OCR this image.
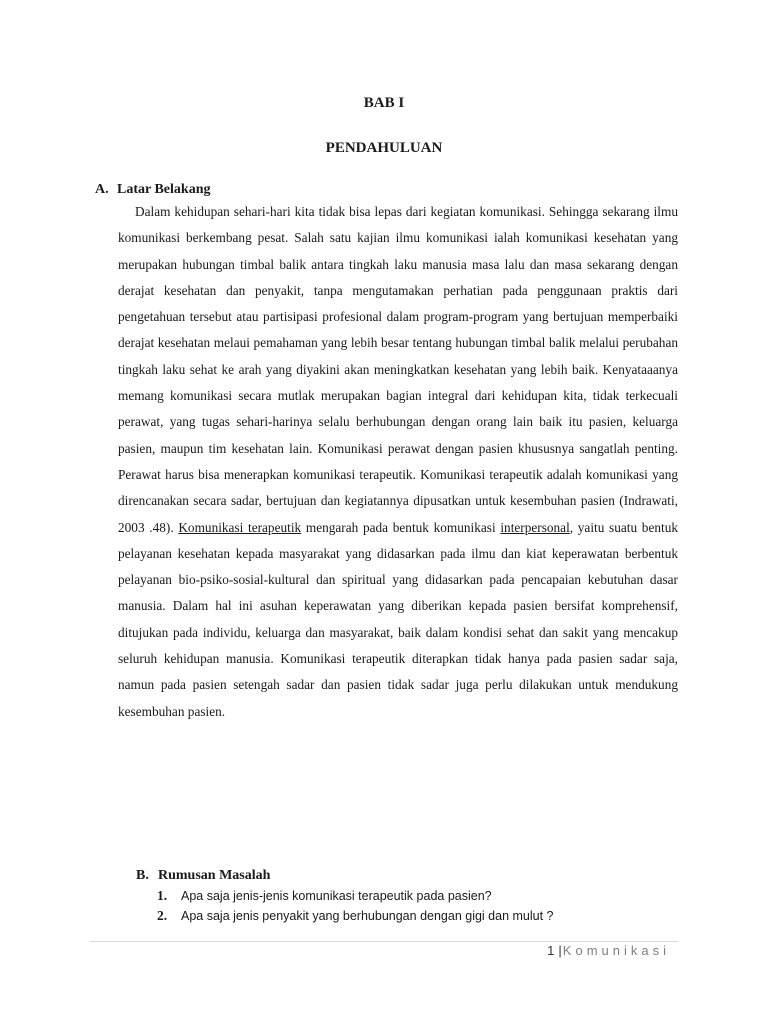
BAB I
PENDAHULUAN
A. Latar Belakang

Dalam kehidupan sehari-hari kita tidak bisa lepas dari kegiatan komunikasi. Sehingga sekarang ilmu komunikasi berkembang pesat. Salah satu kajian ilmu komunikasi ialah komunikasi kesehatan yang merupakan hubungan timbal balik antara tingkah laku manusia masa lalu dan masa sekarang dengan derajat kesehatan dan penyakit, tanpa mengutamakan perhatian pada penggunaan praktis dari pengetahuan tersebut atau partisipasi profesional dalam program-program yang bertujuan memperbaiki derajat kesehatan melaui pemahaman yang lebih besar tentang hubungan timbal balik melalui perubahan tingkah laku sehat ke arah yang diyakini akan meningkatkan kesehatan yang lebih baik. Kenyataaanya memang komunikasi secara mutlak merupakan bagian integral dari kehidupan kita, tidak terkecuali perawat, yang tugas sehari-harinya selalu berhubungan dengan orang lain baik itu pasien, keluarga pasien, maupun tim kesehatan lain. Komunikasi perawat dengan pasien khususnya sangatlah penting. Perawat harus bisa menerapkan komunikasi terapeutik. Komunikasi terapeutik adalah komunikasi yang direncanakan secara sadar, bertujuan dan kegiatannya dipusatkan untuk kesembuhan pasien (Indrawati, 2003 .48). Komunikasi terapeutik mengarah pada bentuk komunikasi interpersonal, yaitu suatu bentuk pelayanan kesehatan kepada masyarakat yang didasarkan pada ilmu dan kiat keperawatan berbentuk pelayanan bio-psiko-sosial-kultural dan spiritual yang didasarkan pada pencapaian kebutuhan dasar manusia. Dalam hal ini asuhan keperawatan yang diberikan kepada pasien bersifat komprehensif, ditujukan pada individu, keluarga dan masyarakat, baik dalam kondisi sehat dan sakit yang mencakup seluruh kehidupan manusia. Komunikasi terapeutik diterapkan tidak hanya pada pasien sadar saja, namun pada pasien setengah sadar dan pasien tidak sadar juga perlu dilakukan untuk mendukung kesembuhan pasien.

B. Rumusan Masalah
1. Apa saja jenis-jenis komunikasi terapeutik pada pasien?
2. Apa saja jenis penyakit yang berhubungan dengan gigi dan mulut ?
1 |Komunikasi
